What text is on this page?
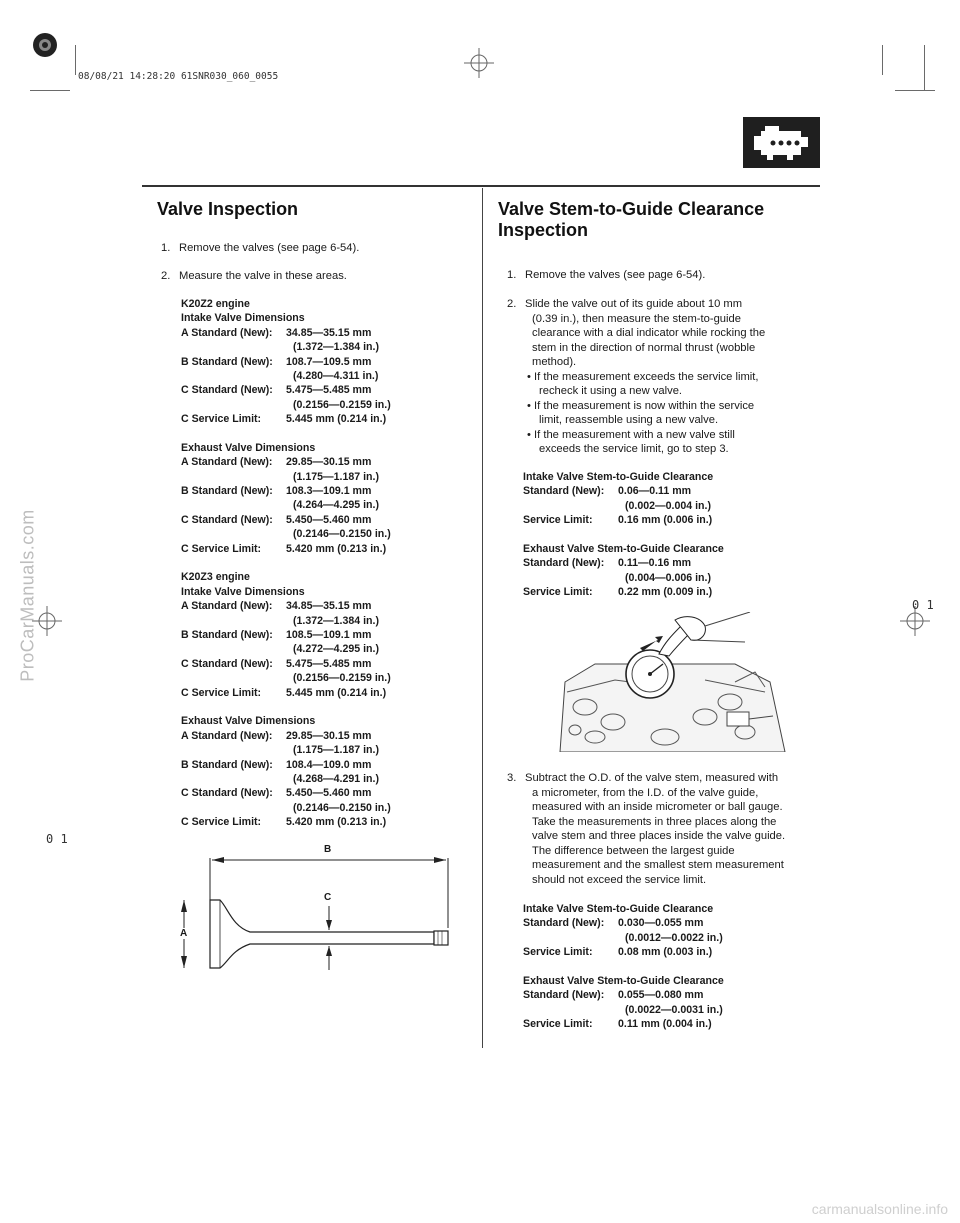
08/08/21 14:28:20 61SNR030_060_0055
ProCarManuals.com
carmanualsonline.info
0 1
0 1
Valve Inspection
1. Remove the valves (see page 6-54).
2. Measure the valve in these areas.
K20Z2 engine
Intake Valve Dimensions
A Standard (New): 34.85—35.15 mm
(1.372—1.384 in.)
B Standard (New): 108.7—109.5 mm
(4.280—4.311 in.)
C Standard (New): 5.475—5.485 mm
(0.2156—0.2159 in.)
C Service Limit: 5.445 mm (0.214 in.)
Exhaust Valve Dimensions
A Standard (New): 29.85—30.15 mm
(1.175—1.187 in.)
B Standard (New): 108.3—109.1 mm
(4.264—4.295 in.)
C Standard (New): 5.450—5.460 mm
(0.2146—0.2150 in.)
C Service Limit: 5.420 mm (0.213 in.)
K20Z3 engine
Intake Valve Dimensions
A Standard (New): 34.85—35.15 mm
(1.372—1.384 in.)
B Standard (New): 108.5—109.1 mm
(4.272—4.295 in.)
C Standard (New): 5.475—5.485 mm
(0.2156—0.2159 in.)
C Service Limit: 5.445 mm (0.214 in.)
Exhaust Valve Dimensions
A Standard (New): 29.85—30.15 mm
(1.175—1.187 in.)
B Standard (New): 108.4—109.0 mm
(4.268—4.291 in.)
C Standard (New): 5.450—5.460 mm
(0.2146—0.2150 in.)
C Service Limit: 5.420 mm (0.213 in.)
B
C
A
Valve Stem-to-Guide Clearance
Inspection
1. Remove the valves (see page 6-54).
2. Slide the valve out of its guide about 10 mm
(0.39 in.), then measure the stem-to-guide
clearance with a dial indicator while rocking the
stem in the direction of normal thrust (wobble
method).
• If the measurement exceeds the service limit,
recheck it using a new valve.
• If the measurement is now within the service
limit, reassemble using a new valve.
• If the measurement with a new valve still
exceeds the service limit, go to step 3.
Intake Valve Stem-to-Guide Clearance
Standard (New): 0.06—0.11 mm
(0.002—0.004 in.)
Service Limit: 0.16 mm (0.006 in.)
Exhaust Valve Stem-to-Guide Clearance
Standard (New): 0.11—0.16 mm
(0.004—0.006 in.)
Service Limit: 0.22 mm (0.009 in.)
3. Subtract the O.D. of the valve stem, measured with
a micrometer, from the I.D. of the valve guide,
measured with an inside micrometer or ball gauge.
Take the measurements in three places along the
valve stem and three places inside the valve guide.
The difference between the largest guide
measurement and the smallest stem measurement
should not exceed the service limit.
Intake Valve Stem-to-Guide Clearance
Standard (New): 0.030—0.055 mm
(0.0012—0.0022 in.)
Service Limit: 0.08 mm (0.003 in.)
Exhaust Valve Stem-to-Guide Clearance
Standard (New): 0.055—0.080 mm
(0.0022—0.0031 in.)
Service Limit: 0.11 mm (0.004 in.)
